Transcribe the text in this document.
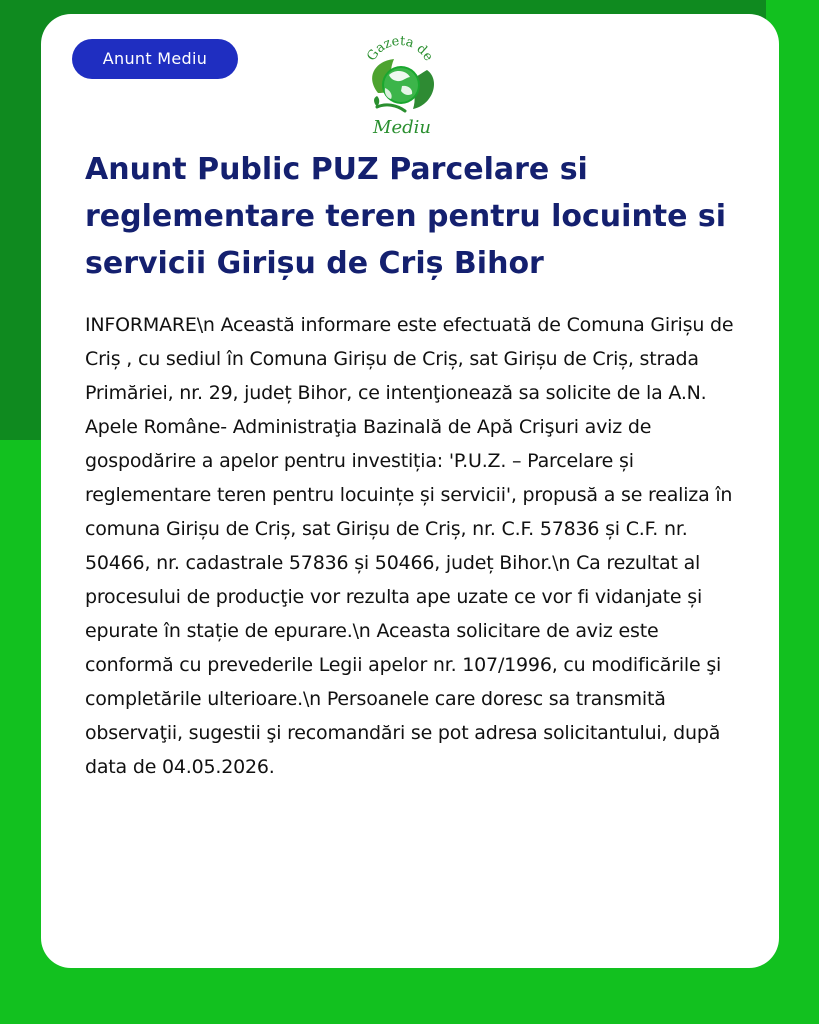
Anunt Mediu	Gazeta de
Mediu
Anunt Public PUZ Parcelare si reglementare teren pentru locuinte si servicii Girișu de Criș Bihor

INFORMARE\n Această informare este efectuată de Comuna Girișu de Criș , cu sediul în Comuna Girișu de Criș, sat Girișu de Criș, strada Primăriei, nr. 29, județ Bihor, ce intenţionează sa solicite de la A.N. Apele Române- Administraţia Bazinală de Apă Crişuri aviz de gospodărire a apelor pentru investiția: 'P.U.Z. – Parcelare și reglementare teren pentru locuințe și servicii', propusă a se realiza în comuna Girișu de Criș, sat Girișu de Criș, nr. C.F. 57836 și C.F. nr. 50466, nr. cadastrale 57836 și 50466, județ Bihor.\n Ca rezultat al procesului de producţie vor rezulta ape uzate ce vor fi vidanjate și epurate în stație de epurare.\n Aceasta solicitare de aviz este conformă cu prevederile Legii apelor nr. 107/1996, cu modificările şi completările ulterioare.\n Persoanele care doresc sa transmită observaţii, sugestii şi recomandări se pot adresa solicitantului, după data de 04.05.2026.
